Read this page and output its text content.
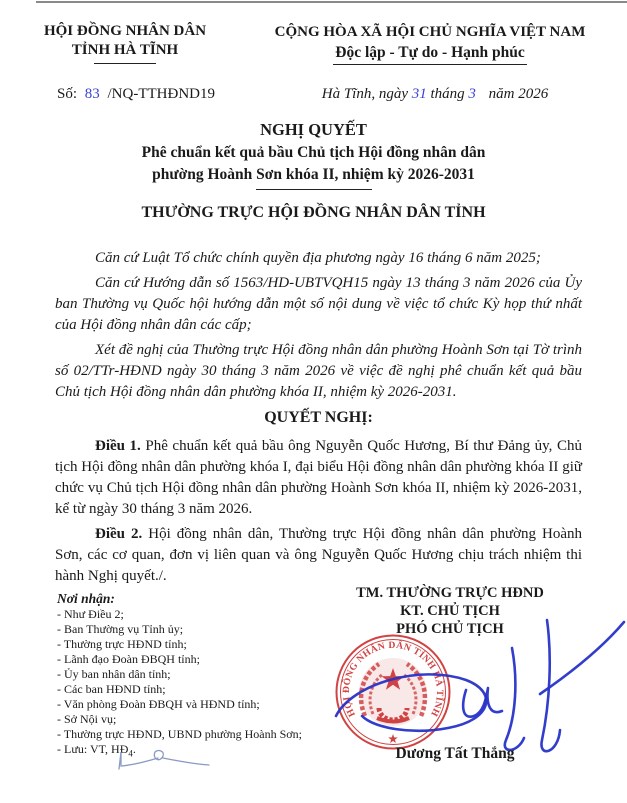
HỘI ĐỒNG NHÂN DÂN
TỈNH HÀ TĨNH
CỘNG HÒA XÃ HỘI CHỦ NGHĨA VIỆT NAM
Độc lập - Tự do - Hạnh phúc
Số: 83 /NQ-TTHĐND19	Hà Tĩnh, ngày 31 tháng 3 năm 2026
NGHỊ QUYẾT
Phê chuẩn kết quả bầu Chủ tịch Hội đồng nhân dân
phường Hoành Sơn khóa II, nhiệm kỳ 2026-2031
THƯỜNG TRỰC HỘI ĐỒNG NHÂN DÂN TỈNH

Căn cứ Luật Tổ chức chính quyền địa phương ngày 16 tháng 6 năm 2025;

Căn cứ Hướng dẫn số 1563/HD-UBTVQH15 ngày 13 tháng 3 năm 2026 của Ủy ban Thường vụ Quốc hội hướng dẫn một số nội dung về việc tổ chức Kỳ họp thứ nhất của Hội đồng nhân dân các cấp;

Xét đề nghị của Thường trực Hội đồng nhân dân phường Hoành Sơn tại Tờ trình số 02/TTr-HĐND ngày 30 tháng 3 năm 2026 về việc đề nghị phê chuẩn kết quả bầu Chủ tịch Hội đồng nhân dân phường khóa II, nhiệm kỳ 2026-2031.

QUYẾT NGHỊ:

Điều 1. Phê chuẩn kết quả bầu ông Nguyễn Quốc Hương, Bí thư Đảng ủy, Chủ tịch Hội đồng nhân dân phường khóa I, đại biểu Hội đồng nhân dân phường khóa II giữ chức vụ Chủ tịch Hội đồng nhân dân phường Hoành Sơn khóa II, nhiệm kỳ 2026-2031, kể từ ngày 30 tháng 3 năm 2026.

Điều 2. Hội đồng nhân dân, Thường trực Hội đồng nhân dân phường Hoành Sơn, các cơ quan, đơn vị liên quan và ông Nguyễn Quốc Hương chịu trách nhiệm thi hành Nghị quyết./.

Nơi nhận:
- Như Điều 2;
- Ban Thường vụ Tỉnh ủy;
- Thường trực HĐND tỉnh;
- Lãnh đạo Đoàn ĐBQH tỉnh;
- Ủy ban nhân dân tỉnh;
- Các ban HĐND tỉnh;
- Văn phòng Đoàn ĐBQH và HĐND tỉnh;
- Sở Nội vụ;
- Thường trực HĐND, UBND phường Hoành Sơn;
- Lưu: VT, $HĐ_4$.
TM. THƯỜNG TRỰC HĐND
KT. CHỦ TỊCH
PHÓ CHỦ TỊCH
HỘI ĐỒNG NHÂN DÂN TỈNH HÀ TĨNH
Dương Tất Thắng
